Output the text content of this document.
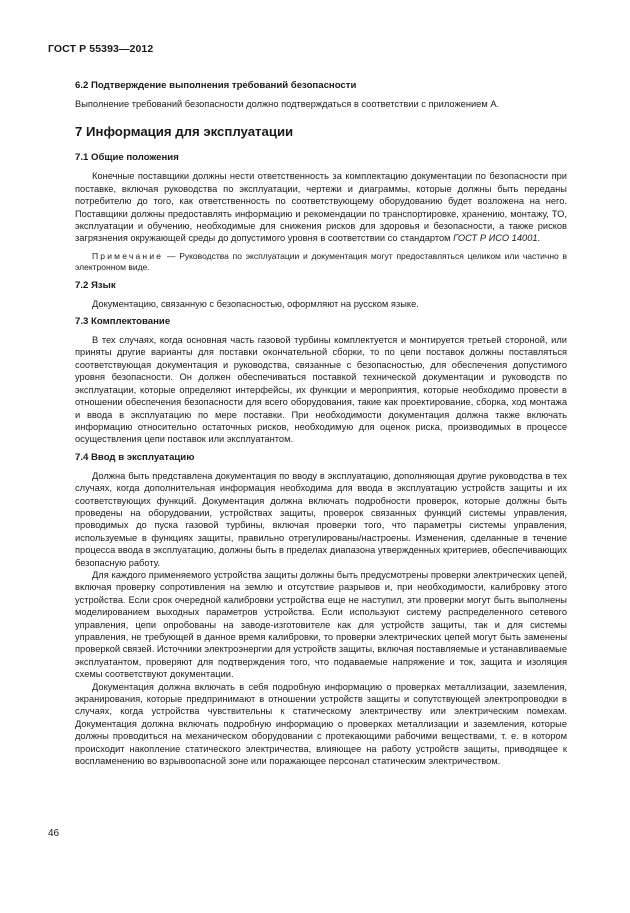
ГОСТ Р 55393—2012
6.2 Подтверждение выполнения требований безопасности

Выполнение требований безопасности должно подтверждаться в соответствии с приложением А.

7 Информация для эксплуатации
7.1 Общие положения

Конечные поставщики должны нести ответственность за комплектацию документации по безопасности при поставке, включая руководства по эксплуатации, чертежи и диаграммы, которые должны быть переданы потребителю до того, как ответственность по соответствующему оборудованию будет возложена на него. Поставщики должны предоставлять информацию и рекомендации по транспортировке, хранению, монтажу, ТО, эксплуатации и обучению, необходимые для снижения рисков для здоровья и безопасности, а также рисков загрязнения окружающей среды до допустимого уровня в соответствии со стандартом ГОСТ Р ИСО 14001.

Примечание — Руководства по эксплуатации и документация могут предоставляться целиком или частично в электронном виде.
7.2 Язык

Документацию, связанную с безопасностью, оформляют на русском языке.

7.3 Комплектование

В тех случаях, когда основная часть газовой турбины комплектуется и монтируется третьей стороной, или приняты другие варианты для поставки окончательной сборки, то по цепи поставок должны поставляться соответствующая документация и руководства, связанные с безопасностью, для обеспечения допустимого уровня безопасности. Он должен обеспечиваться поставкой технической документации и руководств по эксплуатации, которые определяют интерфейсы, их функции и мероприятия, которые необходимо провести в отношении обеспечения безопасности для всего оборудования, такие как проектирование, сборка, ход монтажа и ввода в эксплуатацию по мере поставки. При необходимости документация должна также включать информацию относительно остаточных рисков, необходимую для оценок риска, производимых в процессе осуществления цепи поставок или эксплуатантом.

7.4 Ввод в эксплуатацию

Должна быть представлена документация по вводу в эксплуатацию, дополняющая другие руководства в тех случаях, когда дополнительная информация необходима для ввода в эксплуатацию устройств защиты и их соответствующих функций. Документация должна включать подробности проверок, которые должны быть проведены на оборудовании, устройствах защиты, проверок связанных функций системы управления, проводимых до пуска газовой турбины, включая проверки того, что параметры системы управления, используемые в функциях защиты, правильно отрегулированы/настроены. Изменения, сделанные в течение процесса ввода в эксплуатацию, должны быть в пределах диапазона утвержденных критериев, обеспечивающих безопасную работу.

Для каждого применяемого устройства защиты должны быть предусмотрены проверки электрических цепей, включая проверку сопротивления на землю и отсутствие разрывов и, при необходимости, калибровку этого устройства. Если срок очередной калибровки устройства еще не наступил, эти проверки могут быть выполнены моделированием выходных параметров устройства. Если используют систему распределенного сетевого управления, цепи опробованы на заводе-изготовителе как для устройств защиты, так и для системы управления, не требующей в данное время калибровки, то проверки электрических цепей могут быть заменены проверкой связей. Источники электроэнергии для устройств защиты, включая поставляемые и устанавливаемые эксплуатантом, проверяют для подтверждения того, что подаваемые напряжение и ток, защита и изоляция схемы соответствуют документации.

Документация должна включать в себя подробную информацию о проверках металлизации, заземления, экранирования, которые предпринимают в отношении устройств защиты и сопутствующей электропроводки в случаях, когда устройства чувствительны к статическому электричеству или электрическим помехам. Документация должна включать подробную информацию о проверках металлизации и заземления, которые должны проводиться на механическом оборудовании с протекающими рабочими веществами, т. е. в котором происходит накопление статического электричества, влияющее на работу устройств защиты, приводящее к воспламенению во взрывоопасной зоне или поражающее персонал статическим электричеством.

46
